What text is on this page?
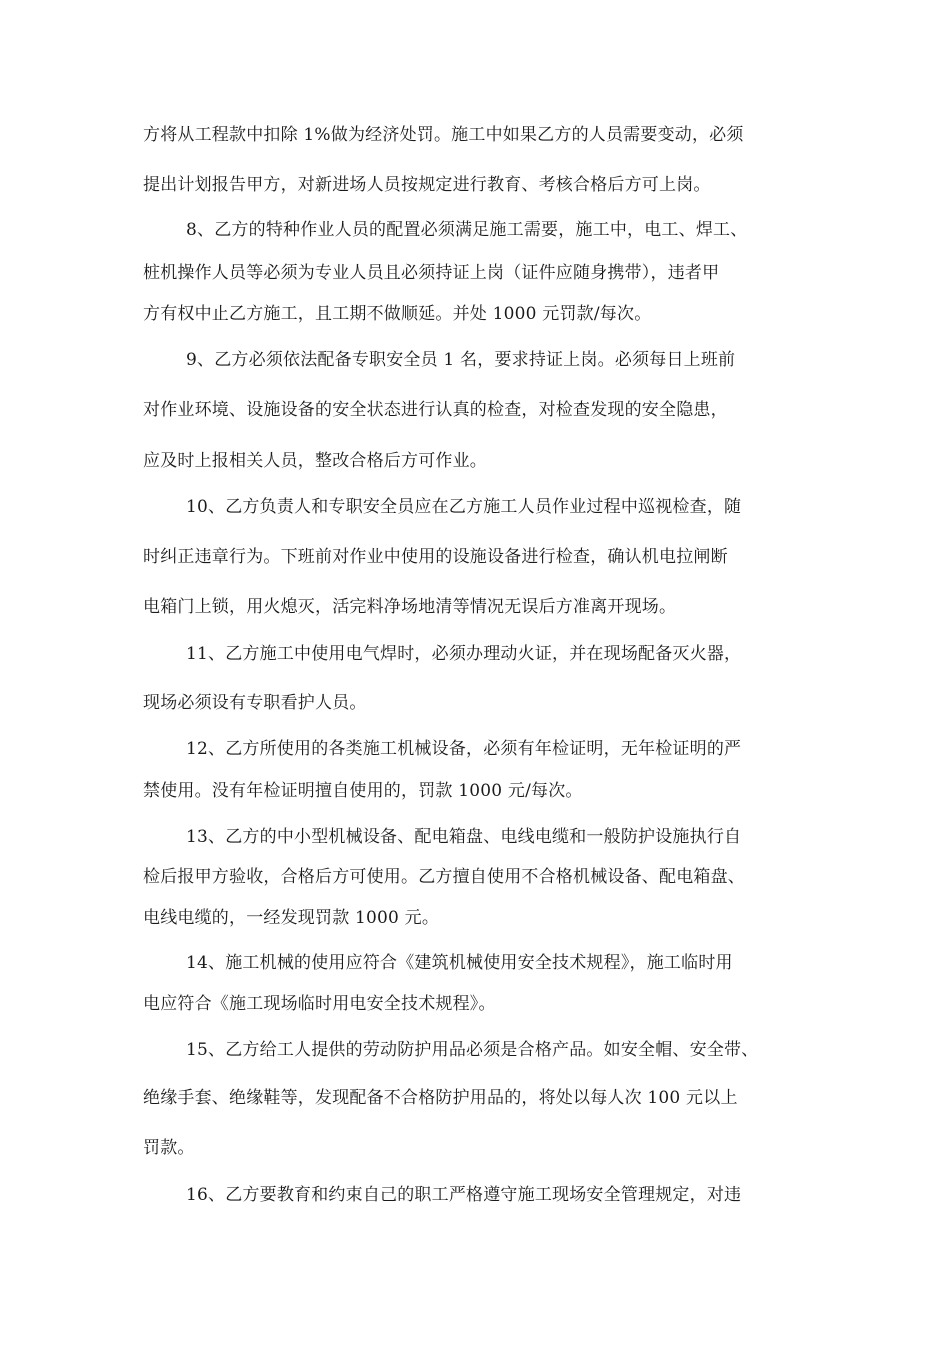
方将从工程款中扣除 1%做为经济处罚。施工中如果乙方的人员需要变动，必须
提出计划报告甲方，对新进场人员按规定进行教育、考核合格后方可上岗。
8、乙方的特种作业人员的配置必须满足施工需要，施工中，电工、焊工、
桩机操作人员等必须为专业人员且必须持证上岗（证件应随身携带），违者甲
方有权中止乙方施工，且工期不做顺延。并处 1000 元罚款/每次。
9、乙方必须依法配备专职安全员 1 名，要求持证上岗。必须每日上班前
对作业环境、设施设备的安全状态进行认真的检查，对检查发现的安全隐患，
应及时上报相关人员，整改合格后方可作业。
10、乙方负责人和专职安全员应在乙方施工人员作业过程中巡视检查，随
时纠正违章行为。下班前对作业中使用的设施设备进行检查，确认机电拉闸断
电箱门上锁，用火熄灭，活完料净场地清等情况无误后方准离开现场。
11、乙方施工中使用电气焊时，必须办理动火证，并在现场配备灭火器，
现场必须设有专职看护人员。
12、乙方所使用的各类施工机械设备，必须有年检证明，无年检证明的严
禁使用。没有年检证明擅自使用的，罚款 1000 元/每次。
13、乙方的中小型机械设备、配电箱盘、电线电缆和一般防护设施执行自
检后报甲方验收，合格后方可使用。乙方擅自使用不合格机械设备、配电箱盘、
电线电缆的，一经发现罚款 1000 元。
14、施工机械的使用应符合《建筑机械使用安全技术规程》，施工临时用
电应符合《施工现场临时用电安全技术规程》。
15、乙方给工人提供的劳动防护用品必须是合格产品。如安全帽、安全带、
绝缘手套、绝缘鞋等，发现配备不合格防护用品的，将处以每人次 100 元以上
罚款。
16、乙方要教育和约束自己的职工严格遵守施工现场安全管理规定，对违
